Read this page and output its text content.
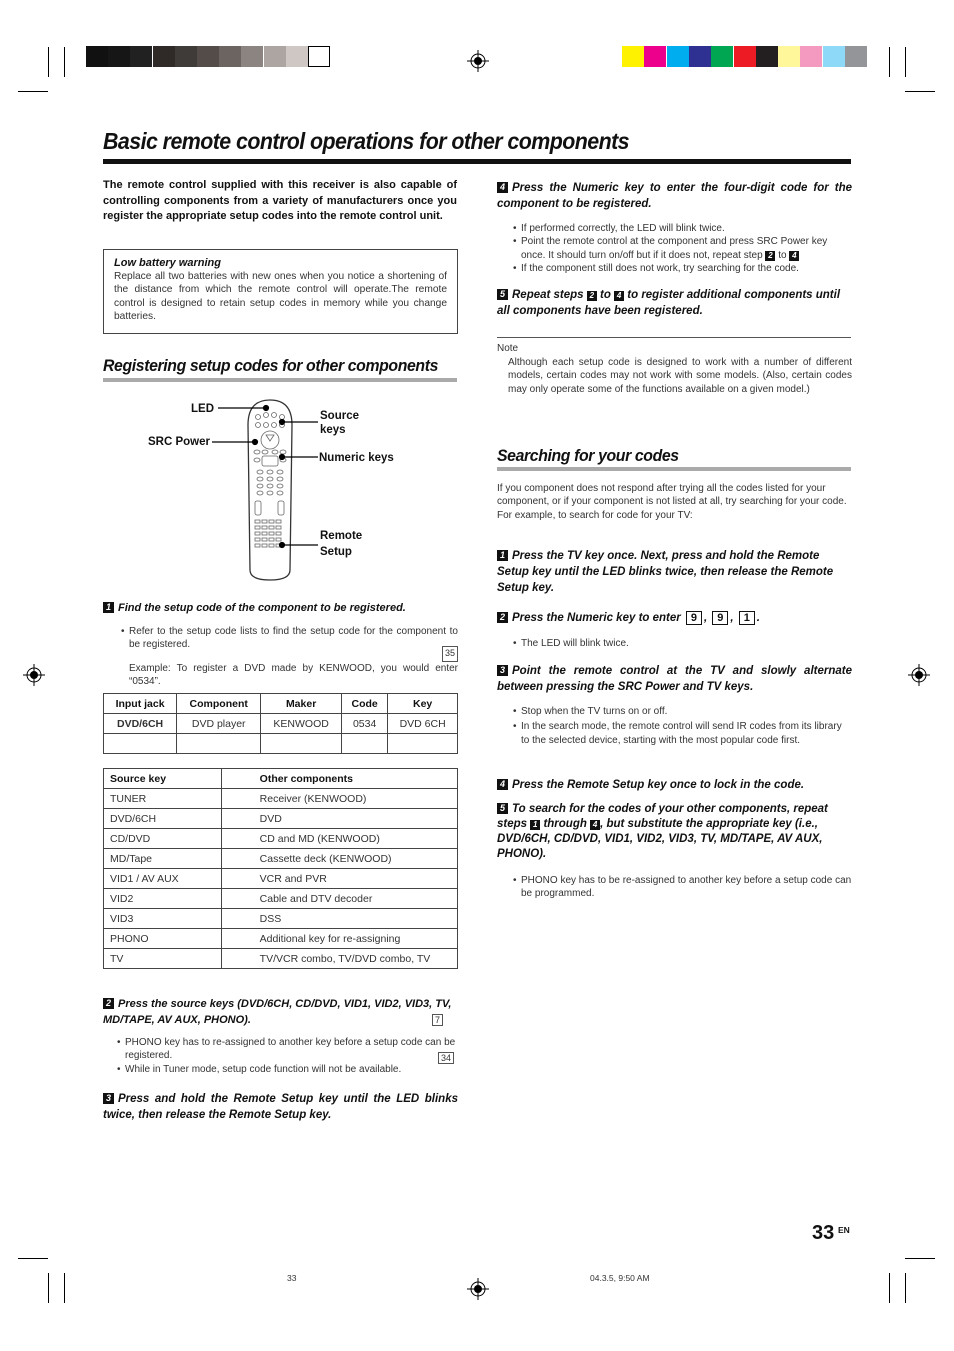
Basic remote control operations for other components
The remote control supplied with this receiver is also capable of controlling components from a variety of manufacturers once you register the appropriate setup codes into the remote control unit.
Low battery warning
Replace all two batteries with new ones when you notice a shortening of the distance from which the remote control will operate.The remote control is designed to retain setup codes in memory while you change batteries.
Registering setup codes for other components
LED
SRC Power
Source
keys
Numeric keys
Remote
Setup
1 Find the setup code of the component to be registered.
• Refer to the setup code lists to find the setup code for the component to be registered.
35
Example: To register a DVD made by KENWOOD, you would enter “0534”.
Input jack	Component	Maker	Code	Key
DVD/6CH	DVD player	KENWOOD	0534	DVD 6CH

Source key	Other components
TUNER	Receiver (KENWOOD)
DVD/6CH	DVD
CD/DVD	CD and MD (KENWOOD)
MD/Tape	Cassette deck (KENWOOD)
VID1 / AV AUX	VCR and PVR
VID2	Cable and DTV decoder
VID3	DSS
PHONO	Additional key for re-assigning
TV	TV/VCR combo, TV/DVD combo, TV
2 Press the source keys (DVD/6CH, CD/DVD, VID1, VID2, VID3, TV, MD/TAPE, AV AUX, PHONO).	7
• PHONO key has to re-assigned to another key before a setup code can be registered.
• While in Tuner mode, setup code function will not be available.
34
3 Press and hold the Remote Setup key until the LED blinks twice, then release the Remote Setup key.
4 Press the Numeric key to enter the four-digit code for the component to be registered.
• If performed correctly, the LED will blink twice.
• Point the remote control at the component and press SRC Power key once. It should turn on/off but if it does not, repeat step 2 to 4
• If the component still does not work, try searching for the code.
5 Repeat steps 2 to 4 to register additional components until all components have been registered.
Note
Although each setup code is designed to work with a number of different models, certain codes may not work with some models. (Also, certain codes may only operate some of the functions available on a given model.)
Searching for your codes
If you component does not respond after trying all the codes listed for your component, or if your component is not listed at all, try searching for your code.
For example, to search for code for your TV:
1 Press the TV key once. Next, press and hold the Remote Setup key until the LED blinks twice, then release the Remote Setup key.
2 Press the Numeric key to enter 9 , 9 , 1 .
• The LED will blink twice.
3 Point the remote control at the TV and slowly alternate between pressing the SRC Power and TV keys.
• Stop when the TV turns on or off.
• In the search mode, the remote control will send IR codes from its library to the selected device, starting with the most popular code first.
4 Press the Remote Setup key once to lock in the code.
5 To search for the codes of your other components, repeat steps 1 through 4 , but substitute the appropriate key (i.e., DVD/6CH, CD/DVD, VID1, VID2, VID3, TV, MD/TAPE, AV AUX, PHONO).
• PHONO key has to be re-assigned to another key before a setup code can be programmed.
33 EN
33	04.3.5, 9:50 AM
